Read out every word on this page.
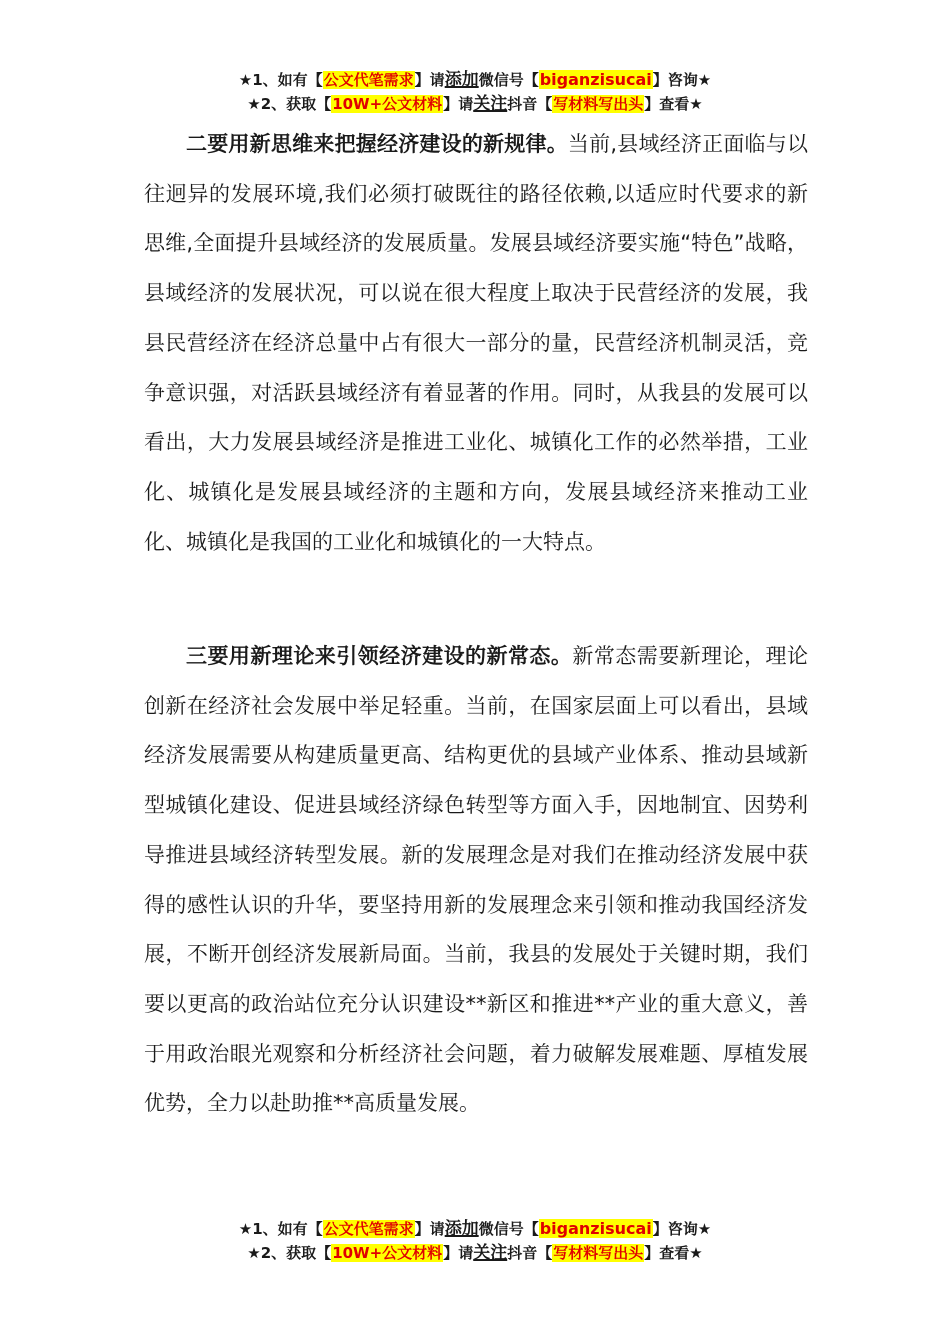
★1、如有【公文代笔需求】请添加微信号【biganzisucai】咨询★
★2、获取【10W+公文材料】请关注抖音【写材料写出头】查看★

二要用新思维来把握经济建设的新规律。当前,县域经济正面临与以往迥异的发展环境,我们必须打破既往的路径依赖,以适应时代要求的新思维,全面提升县域经济的发展质量。发展县域经济要实施“特色”战略，县域经济的发展状况，可以说在很大程度上取决于民营经济的发展，我县民营经济在经济总量中占有很大一部分的量，民营经济机制灵活，竞争意识强，对活跃县域经济有着显著的作用。同时，从我县的发展可以看出，大力发展县域经济是推进工业化、城镇化工作的必然举措，工业化、城镇化是发展县域经济的主题和方向，发展县域经济来推动工业化、城镇化是我国的工业化和城镇化的一大特点。

三要用新理论来引领经济建设的新常态。新常态需要新理论，理论创新在经济社会发展中举足轻重。当前，在国家层面上可以看出，县域经济发展需要从构建质量更高、结构更优的县域产业体系、推动县域新型城镇化建设、促进县域经济绿色转型等方面入手，因地制宜、因势利导推进县域经济转型发展。新的发展理念是对我们在推动经济发展中获得的感性认识的升华，要坚持用新的发展理念来引领和推动我国经济发展，不断开创经济发展新局面。当前，我县的发展处于关键时期，我们要以更高的政治站位充分认识建设**新区和推进**产业的重大意义，善于用政治眼光观察和分析经济社会问题，着力破解发展难题、厚植发展优势，全力以赴助推**高质量发展。

★1、如有【公文代笔需求】请添加微信号【biganzisucai】咨询★
★2、获取【10W+公文材料】请关注抖音【写材料写出头】查看★
